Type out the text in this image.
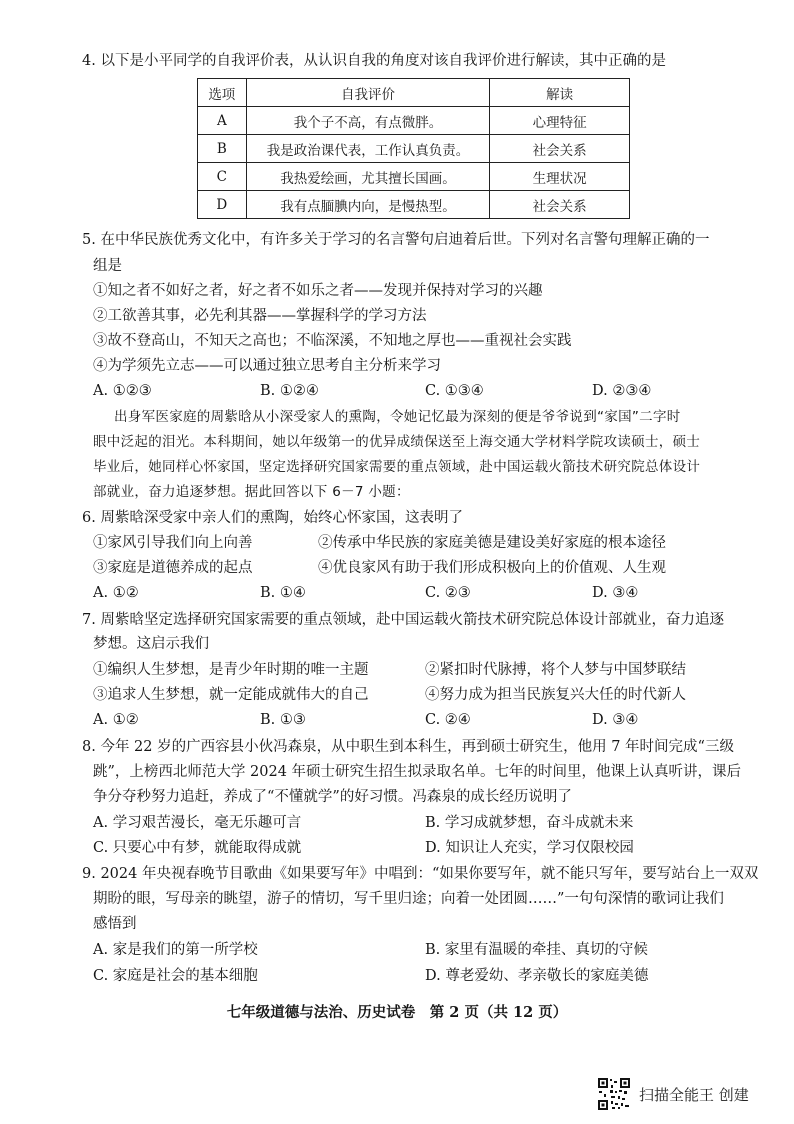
4. 以下是小平同学的自我评价表，从认识自我的角度对该自我评价进行解读，其中正确的是
选项	自我评价	解读
A	我个子不高，有点微胖。	心理特征
B	我是政治课代表，工作认真负责。	社会关系
C	我热爱绘画，尤其擅长国画。	生理状况
D	我有点腼腆内向，是慢热型。	社会关系
5. 在中华民族优秀文化中，有许多关于学习的名言警句启迪着后世。下列对名言警句理解正确的一
组是
①知之者不如好之者，好之者不如乐之者——发现并保持对学习的兴趣
②工欲善其事，必先利其器——掌握科学的学习方法
③故不登高山，不知天之高也；不临深溪，不知地之厚也——重视社会实践
④为学须先立志——可以通过独立思考自主分析来学习
A. ①②③	B. ①②④	C. ①③④	D. ②③④
出身军医家庭的周紫晗从小深受家人的熏陶，令她记忆最为深刻的便是爷爷说到“家国”二字时
眼中泛起的泪光。本科期间，她以年级第一的优异成绩保送至上海交通大学材料学院攻读硕士，硕士
毕业后，她同样心怀家国，坚定选择研究国家需要的重点领域，赴中国运载火箭技术研究院总体设计
部就业，奋力追逐梦想。据此回答以下 6－7 小题：
6. 周紫晗深受家中亲人们的熏陶，始终心怀家国，这表明了
①家风引导我们向上向善	②传承中华民族的家庭美德是建设美好家庭的根本途径
③家庭是道德养成的起点	④优良家风有助于我们形成积极向上的价值观、人生观
A. ①②	B. ①④	C. ②③	D. ③④
7. 周紫晗坚定选择研究国家需要的重点领域，赴中国运载火箭技术研究院总体设计部就业，奋力追逐
梦想。这启示我们
①编织人生梦想，是青少年时期的唯一主题	②紧扣时代脉搏，将个人梦与中国梦联结
③追求人生梦想，就一定能成就伟大的自己	④努力成为担当民族复兴大任的时代新人
A. ①②	B. ①③	C. ②④	D. ③④
8. 今年 22 岁的广西容县小伙冯森泉，从中职生到本科生，再到硕士研究生，他用 7 年时间完成“三级
跳”，上榜西北师范大学 2024 年硕士研究生招生拟录取名单。七年的时间里，他课上认真听讲，课后
争分夺秒努力追赶，养成了“不懂就学”的好习惯。冯森泉的成长经历说明了
A. 学习艰苦漫长，毫无乐趣可言	B. 学习成就梦想，奋斗成就未来
C. 只要心中有梦，就能取得成就	D. 知识让人充实，学习仅限校园
9. 2024 年央视春晚节目歌曲《如果要写年》中唱到：“如果你要写年，就不能只写年，要写站台上一双双
期盼的眼，写母亲的眺望，游子的情切，写千里归途；向着一处团圆……”一句句深情的歌词让我们
感悟到
A. 家是我们的第一所学校	B. 家里有温暖的牵挂、真切的守候
C. 家庭是社会的基本细胞	D. 尊老爱幼、孝亲敬长的家庭美德
七年级道德与法治、历史试卷　第 2 页（共 12 页）
扫描全能王 创建
